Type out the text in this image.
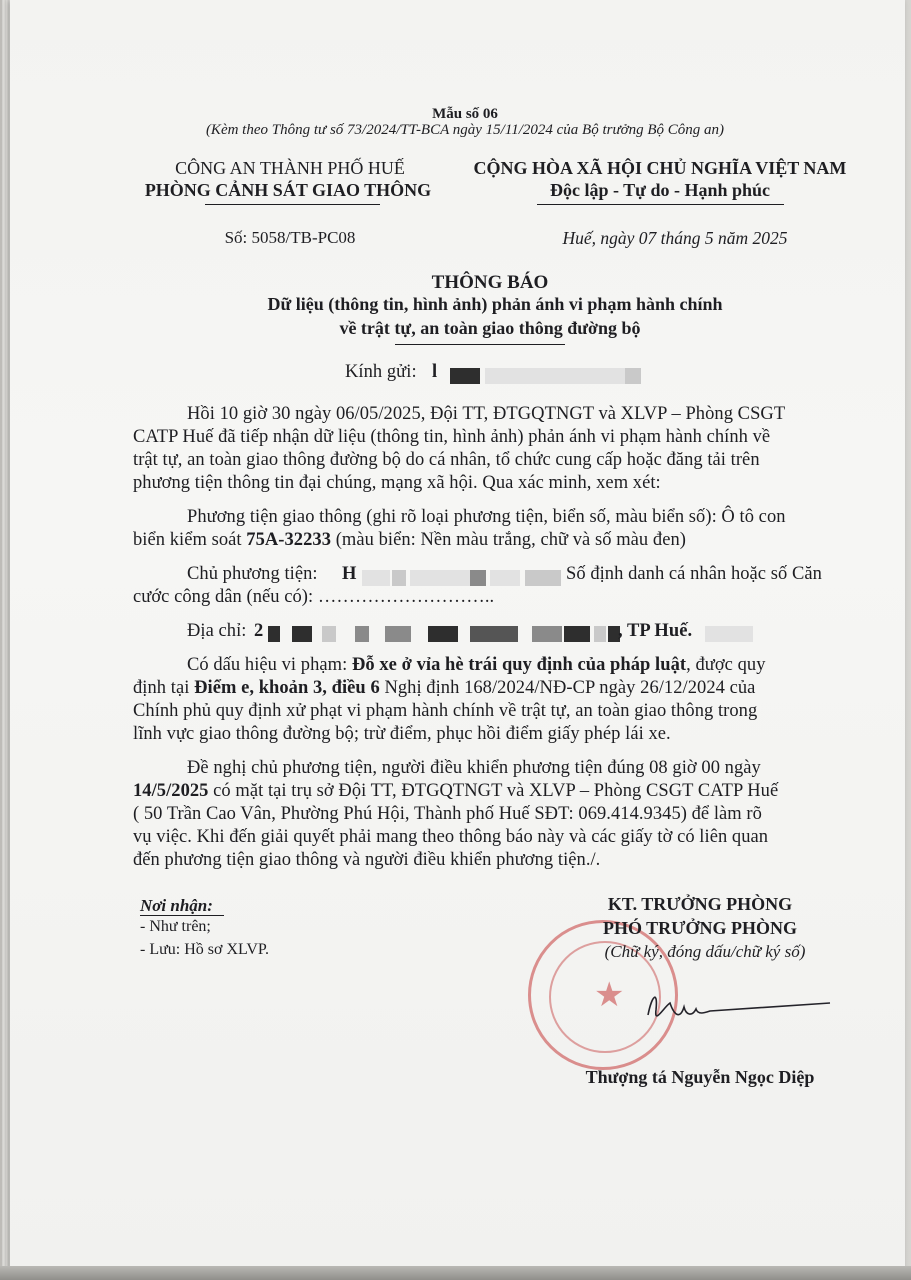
Mẫu số 06
(Kèm theo Thông tư số 73/2024/TT-BCA ngày 15/11/2024 của Bộ trưởng Bộ Công an)
CÔNG AN THÀNH PHỐ HUẾ
PHÒNG CẢNH SÁT GIAO THÔNG
Số: 5058/TB-PC08
CỘNG HÒA XÃ HỘI CHỦ NGHĨA VIỆT NAM
Độc lập - Tự do - Hạnh phúc
Huế, ngày 07 tháng 5 năm 2025
THÔNG BÁO
Dữ liệu (thông tin, hình ảnh) phản ánh vi phạm hành chính
về trật tự, an toàn giao thông đường bộ
Kính gửi: l
Hồi 10 giờ 30 ngày 06/05/2025, Đội TT, ĐTGQTNGT và XLVP – Phòng CSGT
CATP Huế đã tiếp nhận dữ liệu (thông tin, hình ảnh) phản ánh vi phạm hành chính về
trật tự, an toàn giao thông đường bộ do cá nhân, tổ chức cung cấp hoặc đăng tải trên
phương tiện thông tin đại chúng, mạng xã hội. Qua xác minh, xem xét:
Phương tiện giao thông (ghi rõ loại phương tiện, biển số, màu biển số): Ô tô con
biển kiểm soát 75A-32233 (màu biển: Nền màu trắng, chữ và số màu đen)
Chủ phương tiện: H	Số định danh cá nhân hoặc số Căn
cước công dân (nếu có): ………………………..
Địa chỉ: 2	, TP Huế.
Có dấu hiệu vi phạm: Đỗ xe ở vỉa hè trái quy định của pháp luật, được quy
định tại Điểm e, khoản 3, điều 6 Nghị định 168/2024/NĐ-CP ngày 26/12/2024 của
Chính phủ quy định xử phạt vi phạm hành chính về trật tự, an toàn giao thông trong
lĩnh vực giao thông đường bộ; trừ điểm, phục hồi điểm giấy phép lái xe.
Đề nghị chủ phương tiện, người điều khiển phương tiện đúng 08 giờ 00 ngày
14/5/2025 có mặt tại trụ sở Đội TT, ĐTGQTNGT và XLVP – Phòng CSGT CATP Huế
( 50 Trần Cao Vân, Phường Phú Hội, Thành phố Huế SĐT: 069.414.9345) để làm rõ
vụ việc. Khi đến giải quyết phải mang theo thông báo này và các giấy tờ có liên quan
đến phương tiện giao thông và người điều khiển phương tiện./.
Nơi nhận:
- Như trên;
- Lưu: Hồ sơ XLVP.
★
KT. TRƯỞNG PHÒNG
PHÓ TRƯỞNG PHÒNG
(Chữ ký, đóng dấu/chữ ký số)
Thượng tá Nguyễn Ngọc Diệp
